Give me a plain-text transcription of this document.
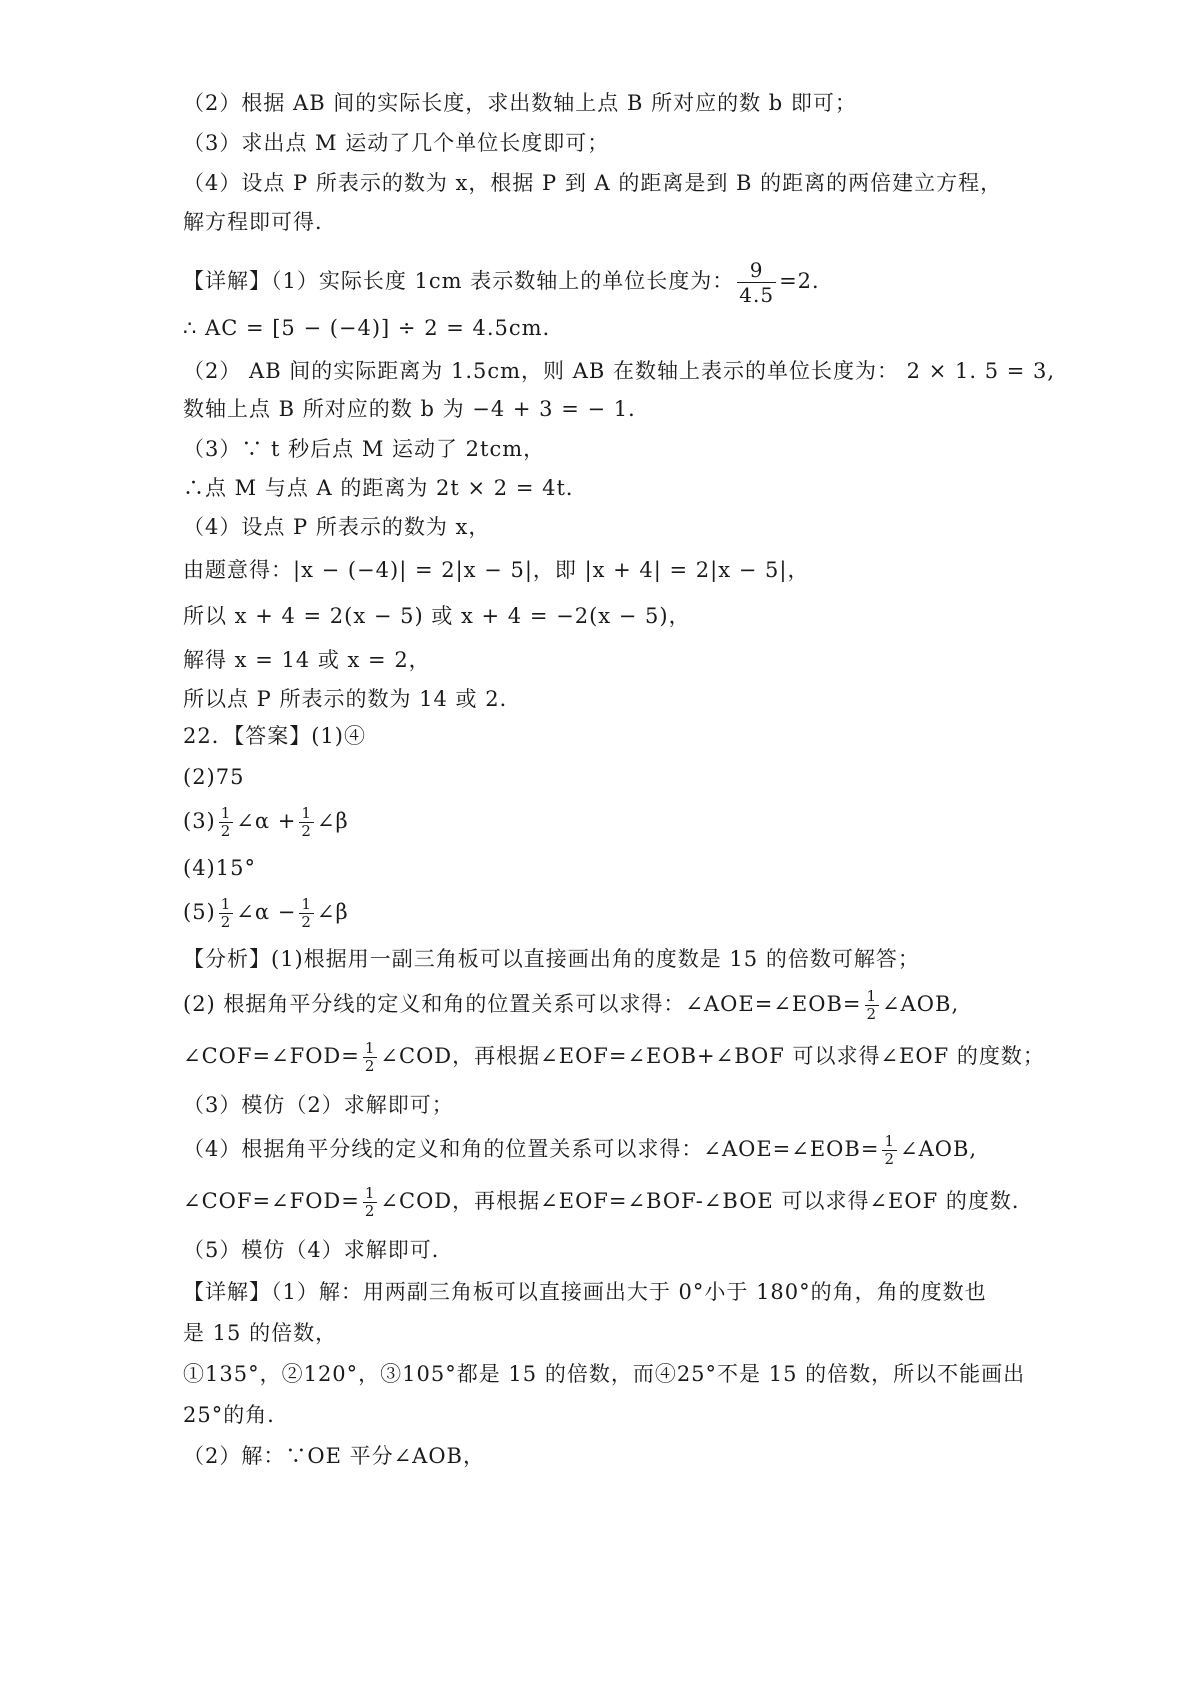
（2）根据 AB 间的实际长度，求出数轴上点 B 所对应的数 b 即可；
（3）求出点 M 运动了几个单位长度即可；
（4）设点 P 所表示的数为 x，根据 P 到 A 的距离是到 B 的距离的两倍建立方程，
解方程即可得．
【详解】（1）实际长度 1cm 表示数轴上的单位长度为： $\frac{9}{4.5} =2$．
∴ AC = [5 − (−4)] ÷ 2 = 4.5cm．
（2） AB 间的实际距离为 1.5cm，则 AB 在数轴上表示的单位长度为： 2 × 1. 5 = 3,
数轴上点 B 所对应的数 b 为 −4 + 3 = − 1．
（3）∵ t 秒后点 M 运动了 2tcm，
∴点 M 与点 A 的距离为 2t × 2 = 4t．
（4）设点 P 所表示的数为 x，
由题意得：|x − (−4)| = 2|x − 5|，即 |x + 4| = 2|x − 5|，
所以 x + 4 = 2(x − 5) 或 x + 4 = −2(x − 5)，
解得 x = 14 或 x = 2，
所以点 P 所表示的数为 14 或 2．
22．【答案】(1)④
(2)75
$(3) \frac{1}{2}$ ∠α + $\frac{1}{2}$ ∠β
(4)15°
$(5) \frac{1}{2}$ ∠α − $\frac{1}{2}$ ∠β
【分析】(1)根据用一副三角板可以直接画出角的度数是 15 的倍数可解答；
(2) 根据角平分线的定义和角的位置关系可以求得：∠AOE=∠EOB= $\frac{1}{2}$ ∠AOB,
∠COF=∠FOD= $\frac{1}{2}$ ∠COD，再根据∠EOF=∠EOB+∠BOF 可以求得∠EOF 的度数；
（3）模仿（2）求解即可；
（4）根据角平分线的定义和角的位置关系可以求得：∠AOE=∠EOB= $\frac{1}{2}$ ∠AOB,
∠COF=∠FOD= $\frac{1}{2}$ ∠COD，再根据∠EOF=∠BOF-∠BOE 可以求得∠EOF 的度数．
（5）模仿（4）求解即可．
【详解】（1）解：用两副三角板可以直接画出大于 0°小于 180°的角，角的度数也
是 15 的倍数，
①135°，②120°，③105°都是 15 的倍数，而④25°不是 15 的倍数，所以不能画出
25°的角．
（2）解：∵OE 平分∠AOB，
